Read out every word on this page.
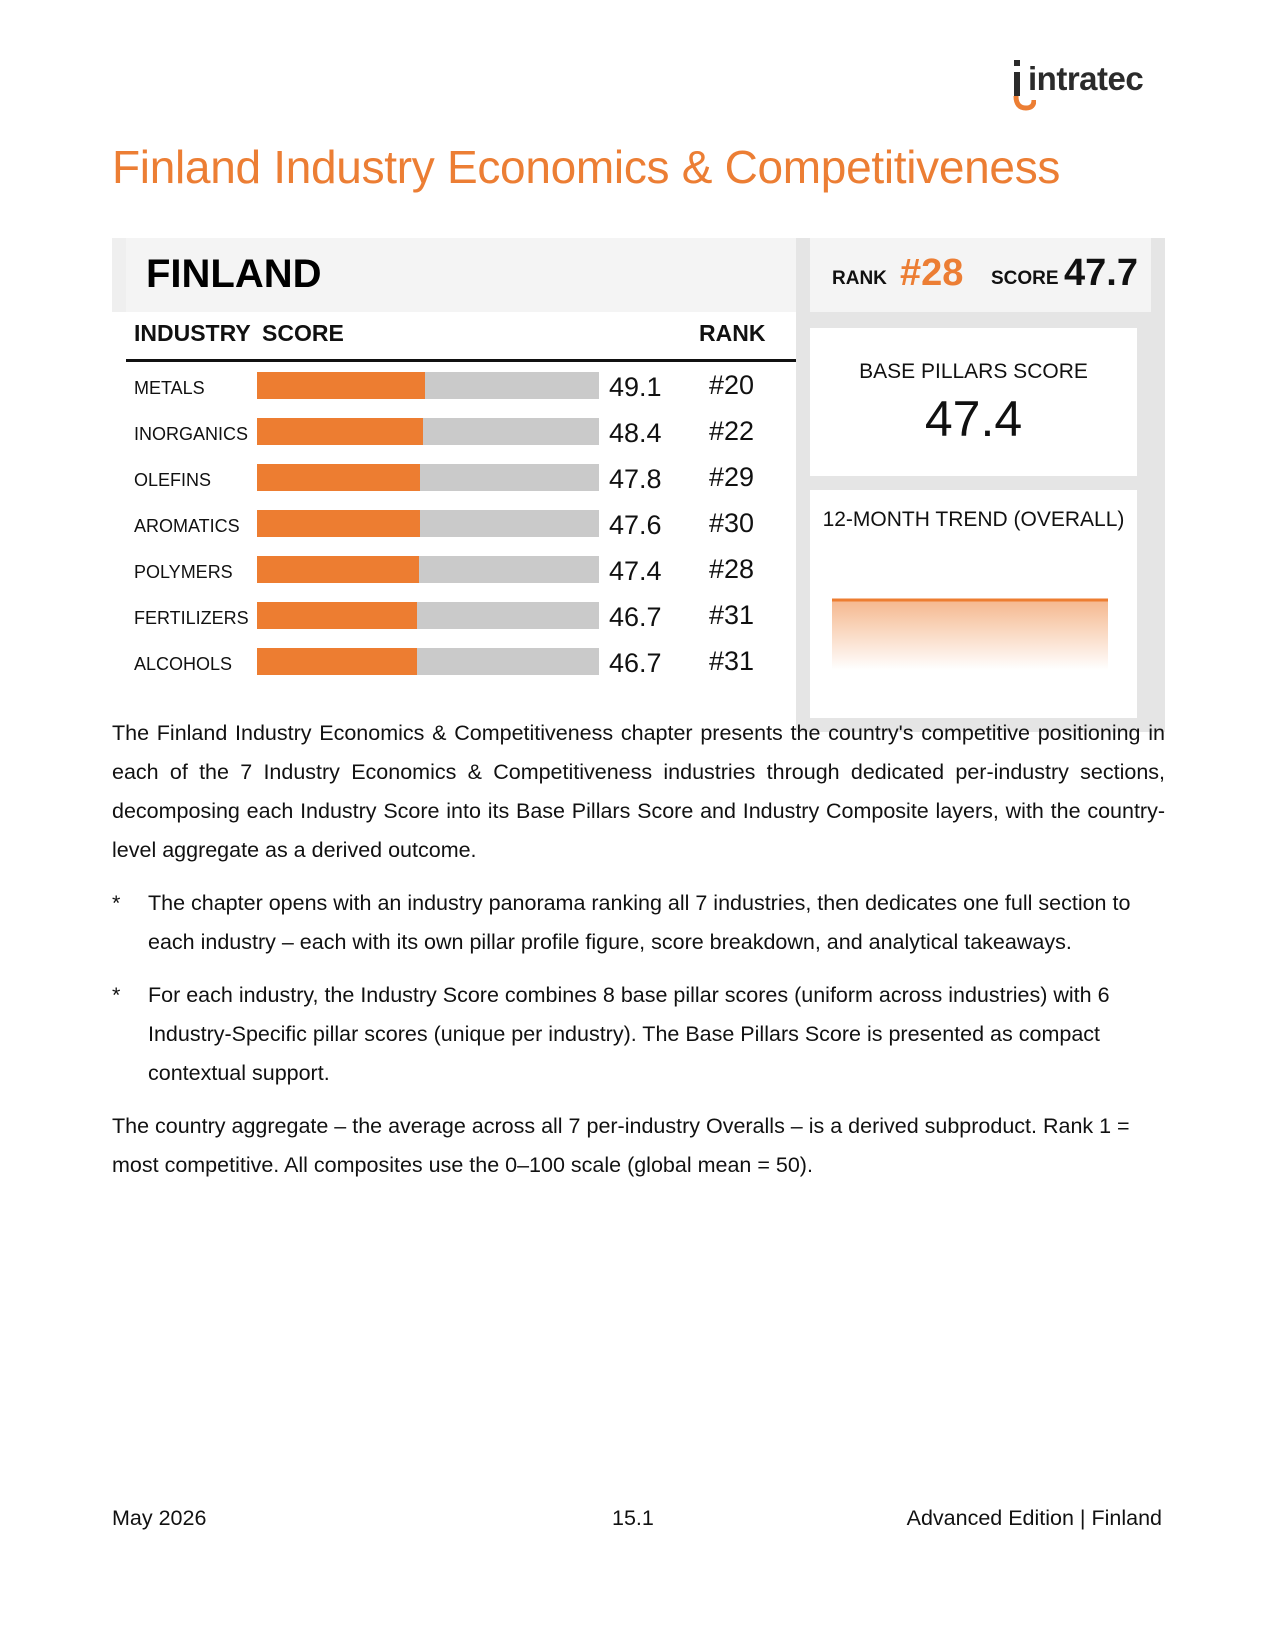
intratec
Finland Industry Economics & Competitiveness
FINLAND	RANK #28 SCORE 47.7
BASE PILLARS SCORE
47.4
12-MONTH TREND (OVERALL)
INDUSTRY SCORE	RANK
METALS	49.1 #20
INORGANICS	48.4 #22
OLEFINS	47.8 #29
AROMATICS	47.6 #30
POLYMERS	47.4 #28
FERTILIZERS	46.7 #31
ALCOHOLS	46.7 #31

The Finland Industry Economics & Competitiveness chapter presents the country's competitive positioning in each of the 7 Industry Economics & Competitiveness industries through dedicated per-industry sections, decomposing each Industry Score into its Base Pillars Score and Industry Composite layers, with the country-level aggregate as a derived outcome.

* The chapter opens with an industry panorama ranking all 7 industries, then dedicates one full section to each industry – each with its own pillar profile figure, score breakdown, and analytical takeaways.
* For each industry, the Industry Score combines 8 base pillar scores (uniform across industries) with 6 Industry-Specific pillar scores (unique per industry). The Base Pillars Score is presented as compact contextual support.

The country aggregate – the average across all 7 per-industry Overalls – is a derived subproduct. Rank 1 = most competitive. All composites use the 0–100 scale (global mean = 50).

May 2026	15.1	Advanced Edition | Finland
